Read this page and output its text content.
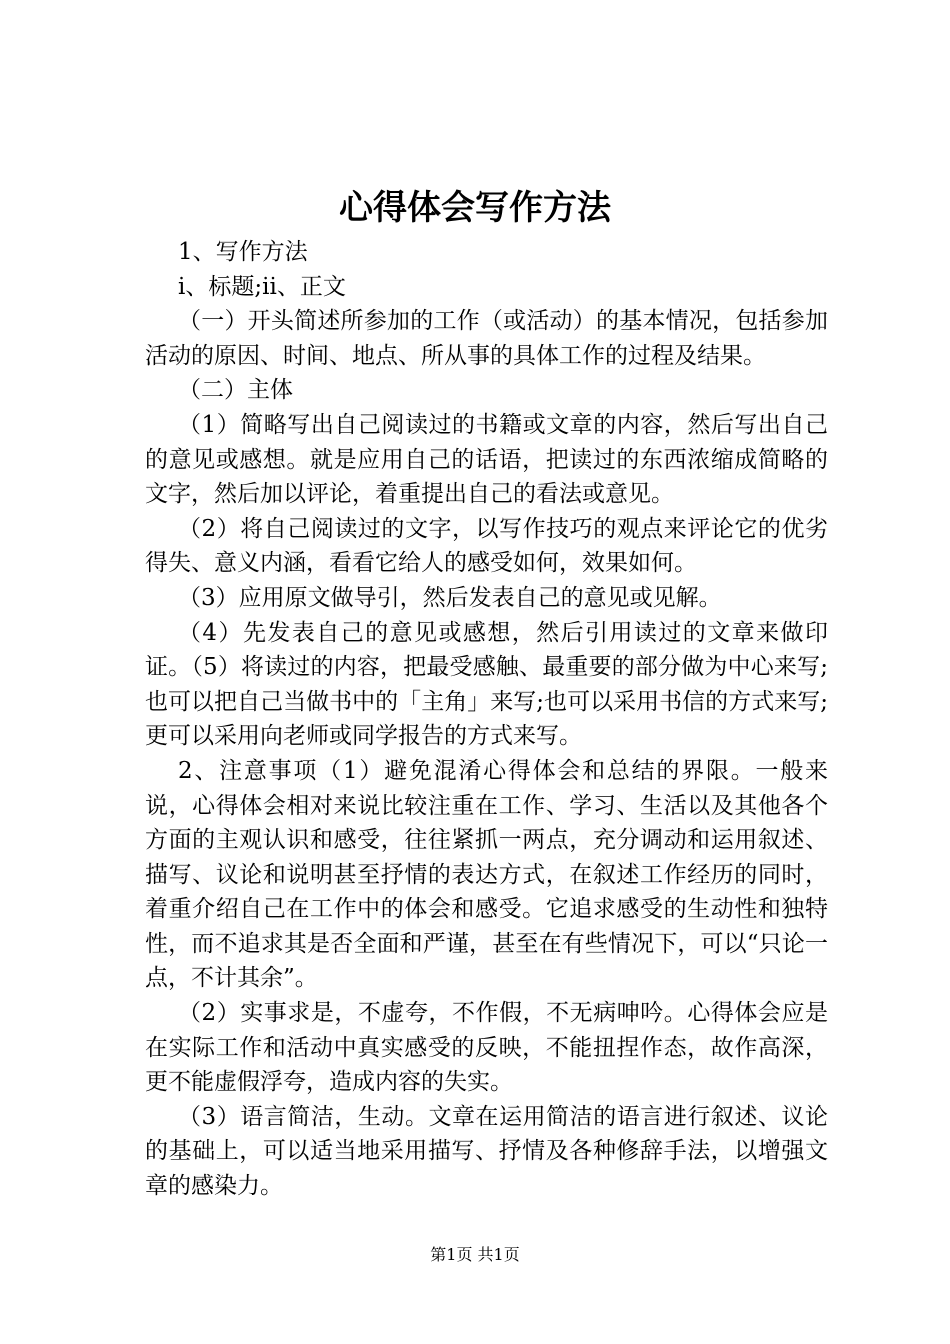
心得体会写作方法

1、写作方法

i、标题;ii、正文

（一）开头简述所参加的工作（或活动）的基本情况，包括参加活动的原因、时间、地点、所从事的具体工作的过程及结果。

（二）主体

（1）简略写出自己阅读过的书籍或文章的内容，然后写出自己的意见或感想。就是应用自己的话语，把读过的东西浓缩成简略的文字，然后加以评论，着重提出自己的看法或意见。

（2）将自己阅读过的文字，以写作技巧的观点来评论它的优劣得失、意义内涵，看看它给人的感受如何，效果如何。

（3）应用原文做导引，然后发表自己的意见或见解。

（4）先发表自己的意见或感想，然后引用读过的文章来做印证。（5）将读过的内容，把最受感触、最重要的部分做为中心来写;也可以把自己当做书中的「主角」来写;也可以采用书信的方式来写;更可以采用向老师或同学报告的方式来写。

2、注意事项（1）避免混淆心得体会和总结的界限。一般来说，心得体会相对来说比较注重在工作、学习、生活以及其他各个方面的主观认识和感受，往往紧抓一两点，充分调动和运用叙述、描写、议论和说明甚至抒情的表达方式，在叙述工作经历的同时，着重介绍自己在工作中的体会和感受。它追求感受的生动性和独特性，而不追求其是否全面和严谨，甚至在有些情况下，可以“只论一点，不计其余”。

（2）实事求是，不虚夸，不作假，不无病呻吟。心得体会应是在实际工作和活动中真实感受的反映，不能扭捏作态，故作高深，更不能虚假浮夸，造成内容的失实。

（3）语言简洁，生动。文章在运用简洁的语言进行叙述、议论的基础上，可以适当地采用描写、抒情及各种修辞手法，以增强文章的感染力。

第1页 共1页
